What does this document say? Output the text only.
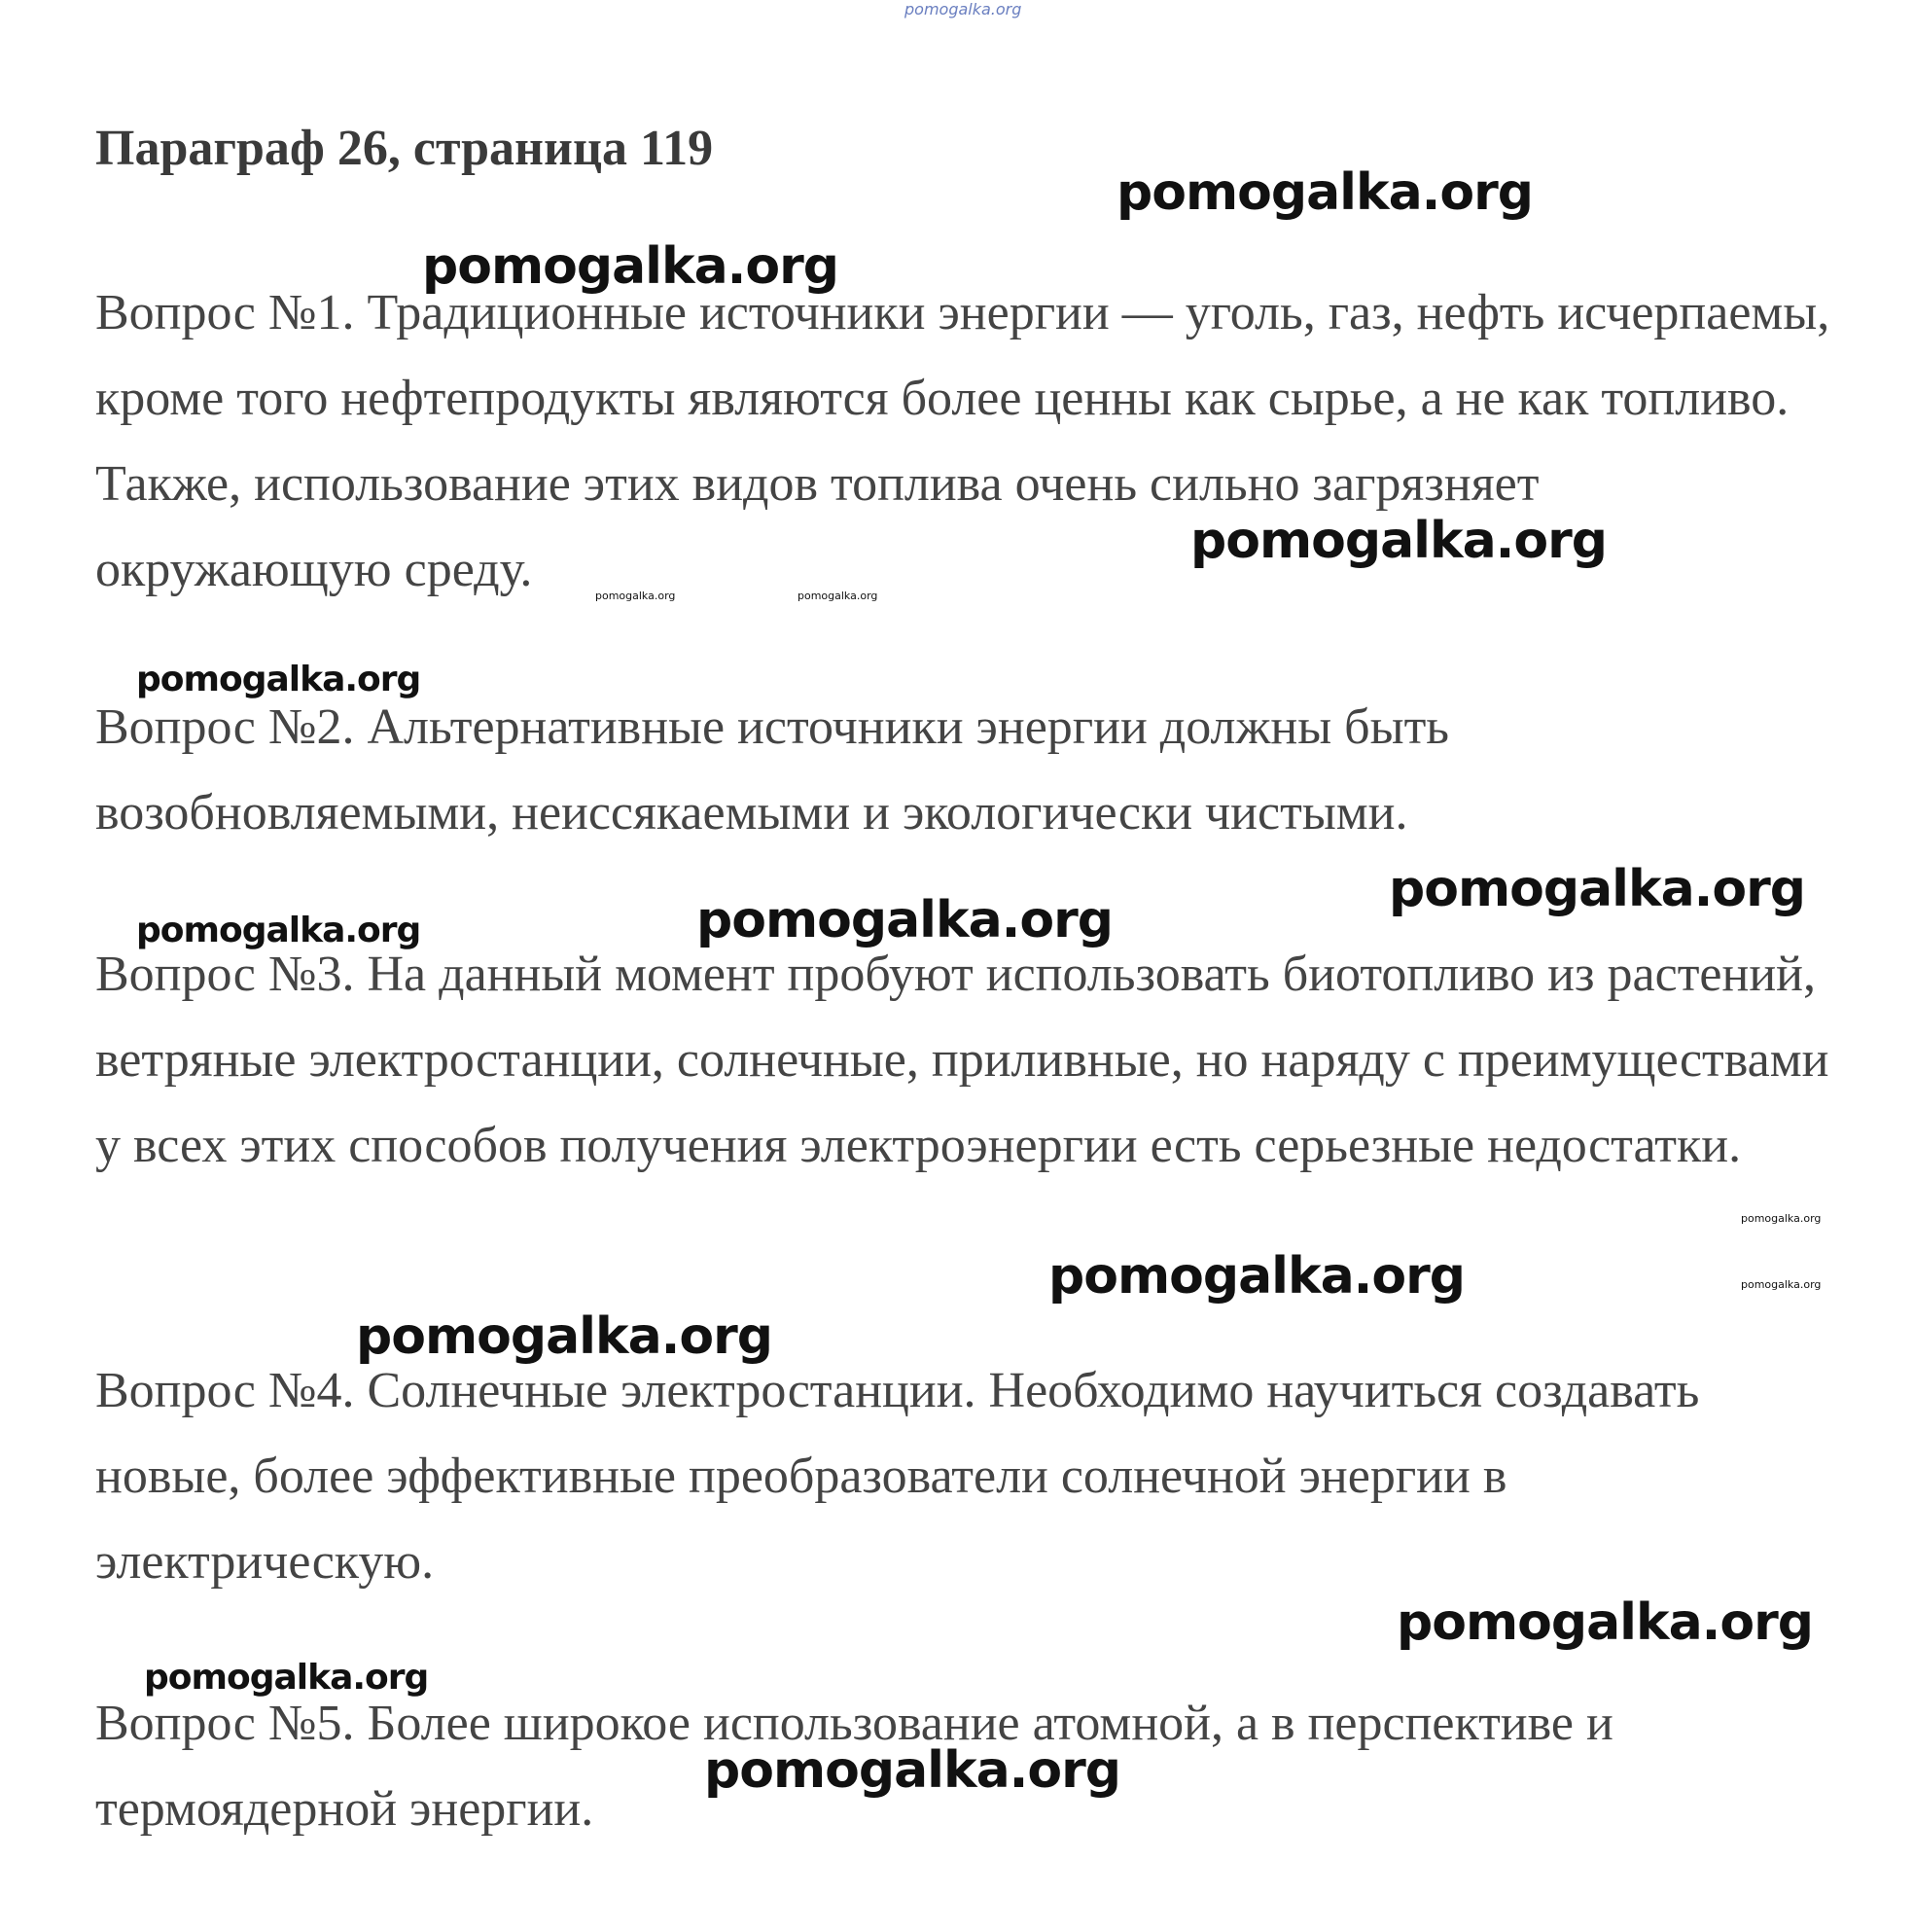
Параграф 26, страница 119

Вопрос №1. Традиционные источники энергии — уголь, газ, нефть исчерпаемы, кроме того нефтепродукты являются более ценны как сырье, а не как топливо. Также, использование этих видов топлива очень сильно загрязняет окружающую среду.

Вопрос №2. Альтернативные источники энергии должны быть возобновляемыми, неиссякаемыми и экологически чистыми.

Вопрос №3. На данный момент пробуют использовать биотопливо из растений, ветряные электростанции, солнечные, приливные, но наряду с преимуществами у всех этих способов получения электроэнергии есть серьезные недостатки.

Вопрос №4. Солнечные электростанции. Необходимо научиться создавать новые, более эффективные преобразователи солнечной энергии в электрическую.

Вопрос №5. Более широкое использование атомной, а в перспективе и термоядерной энергии.

pomogalka.org
pomogalka.org
pomogalka.org
pomogalka.org
pomogalka.org	pomogalka.org
pomogalka.org
pomogalka.org
pomogalka.org
pomogalka.org
pomogalka.org
pomogalka.org	pomogalka.org
pomogalka.org
pomogalka.org
pomogalka.org
pomogalka.org
